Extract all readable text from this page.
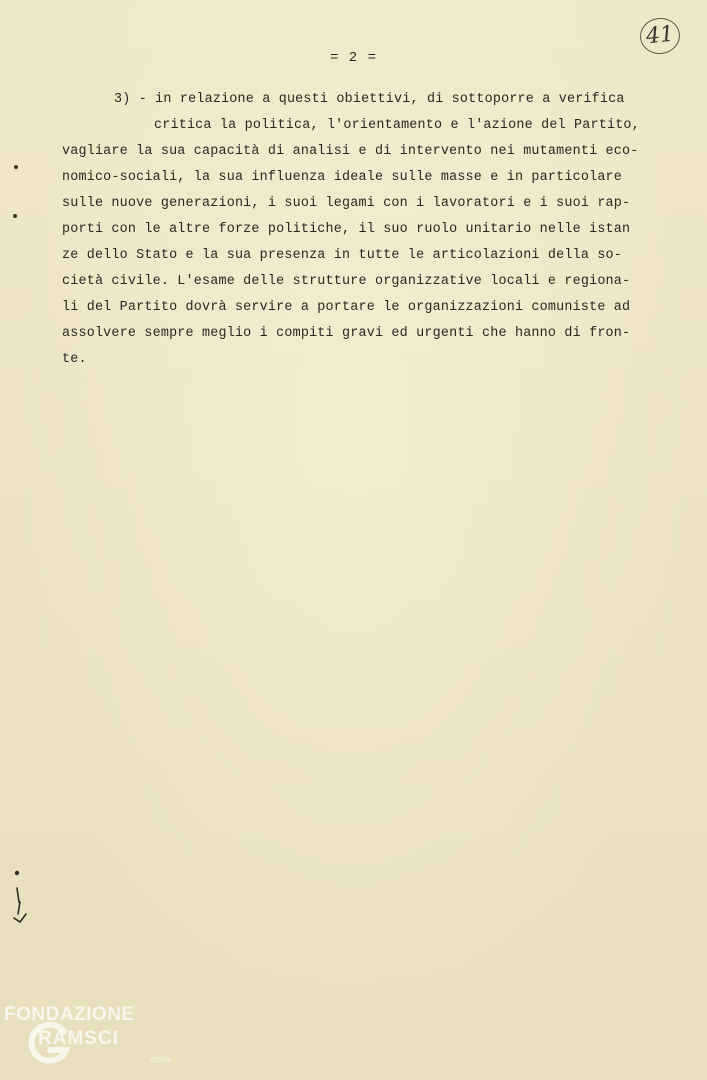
41
= 2 =
3) - in relazione a questi obiettivi, di sottoporre a verifica
critica la politica, l'orientamento e l'azione del Partito,
vagliare la sua capacità di analisi e di intervento nei mutamenti eco-
nomico-sociali, la sua influenza ideale sulle masse e in particolare
sulle nuove generazioni, i suoi legami con i lavoratori e i suoi rap-
porti con le altre forze politiche, il suo ruolo unitario nelle istan
ze dello Stato e la sua presenza in tutte le articolazioni della so-
cietà civile. L'esame delle strutture organizzative locali e regiona-
li del Partito dovrà servire a portare le organizzazioni comuniste ad
assolvere sempre meglio i compiti gravi ed urgenti che hanno di fron-
te.
FONDAZIONE
RAMSCI
onlus
